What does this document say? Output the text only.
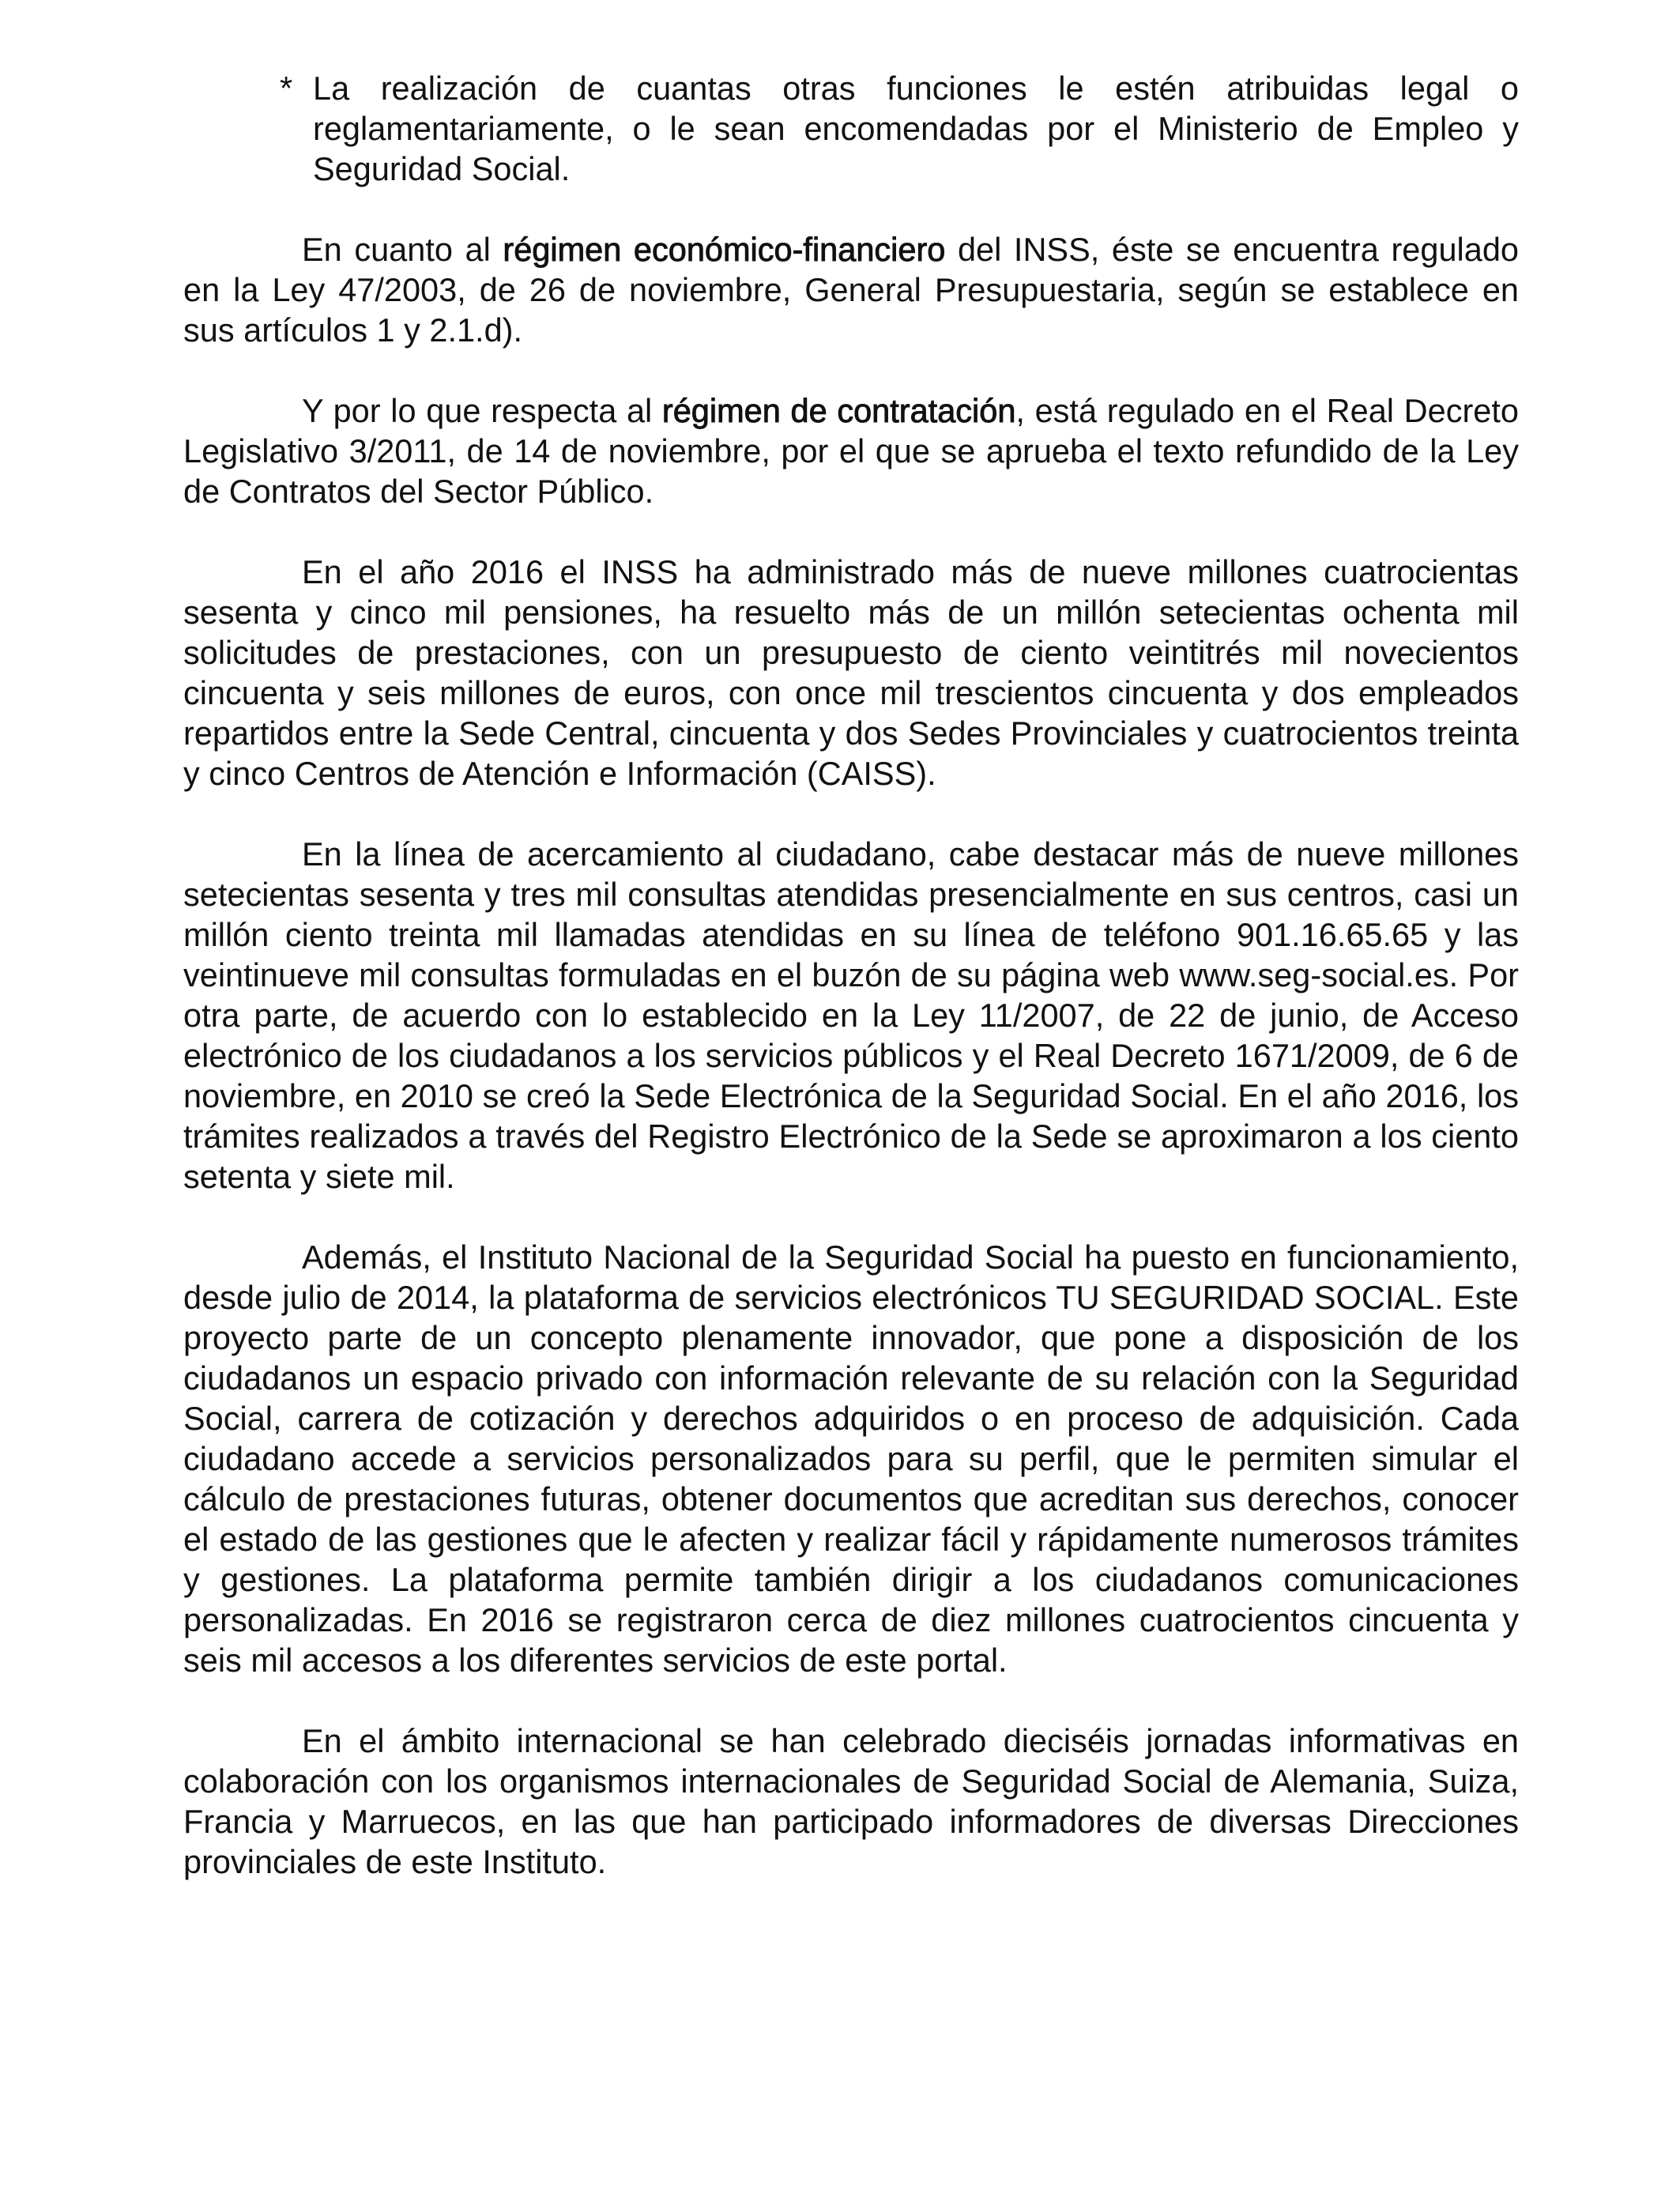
* La realización de cuantas otras funciones le estén atribuidas legal o reglamentariamente, o le sean encomendadas por el Ministerio de Empleo y Seguridad Social.

En cuanto al régimen económico-financiero del INSS, éste se encuentra regulado en la Ley 47/2003, de 26 de noviembre, General Presupuestaria, según se establece en sus artículos 1 y 2.1.d).

Y por lo que respecta al régimen de contratación, está regulado en el Real Decreto Legislativo 3/2011, de 14 de noviembre, por el que se aprueba el texto refundido de la Ley de Contratos del Sector Público.

En el año 2016 el INSS ha administrado más de nueve millones cuatrocientas sesenta y cinco mil pensiones, ha resuelto más de un millón setecientas ochenta mil solicitudes de prestaciones, con un presupuesto de ciento veintitrés mil novecientos cincuenta y seis millones de euros, con once mil trescientos cincuenta y dos empleados repartidos entre la Sede Central, cincuenta y dos Sedes Provinciales y cuatrocientos treinta y cinco Centros de Atención e Información (CAISS).

En la línea de acercamiento al ciudadano, cabe destacar más de nueve millones setecientas sesenta y tres mil consultas atendidas presencialmente en sus centros, casi un millón ciento treinta mil llamadas atendidas en su línea de teléfono 901.16.65.65 y las veintinueve mil consultas formuladas en el buzón de su página web www.seg-social.es. Por otra parte, de acuerdo con lo establecido en la Ley 11/2007, de 22 de junio, de Acceso electrónico de los ciudadanos a los servicios públicos y el Real Decreto 1671/2009, de 6 de noviembre, en 2010 se creó la Sede Electrónica de la Seguridad Social. En el año 2016, los trámites realizados a través del Registro Electrónico de la Sede se aproximaron a los ciento setenta y siete mil.

Además, el Instituto Nacional de la Seguridad Social ha puesto en funcionamiento, desde julio de 2014, la plataforma de servicios electrónicos TU SEGURIDAD SOCIAL. Este proyecto parte de un concepto plenamente innovador, que pone a disposición de los ciudadanos un espacio privado con información relevante de su relación con la Seguridad Social, carrera de cotización y derechos adquiridos o en proceso de adquisición. Cada ciudadano accede a servicios personalizados para su perfil, que le permiten simular el cálculo de prestaciones futuras, obtener documentos que acreditan sus derechos, conocer el estado de las gestiones que le afecten y realizar fácil y rápidamente numerosos trámites y gestiones. La plataforma permite también dirigir a los ciudadanos comunicaciones personalizadas. En 2016 se registraron cerca de diez millones cuatrocientos cincuenta y seis mil accesos a los diferentes servicios de este portal.

En el ámbito internacional se han celebrado dieciséis jornadas informativas en colaboración con los organismos internacionales de Seguridad Social de Alemania, Suiza, Francia y Marruecos, en las que han participado informadores de diversas Direcciones provinciales de este Instituto.
